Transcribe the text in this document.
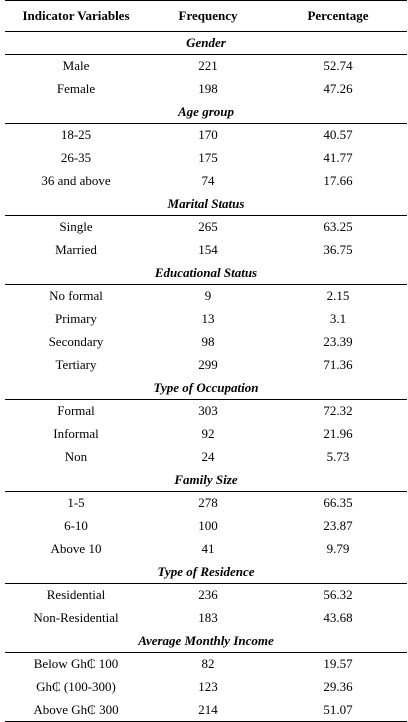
Indicator Variables	Frequency	Percentage
Gender		
Male	221	52.74
Female	198	47.26
Age group		
18-25	170	40.57
26-35	175	41.77
36 and above	74	17.66
Marital Status		
Single	265	63.25
Married	154	36.75
Educational Status		
No formal	9	2.15
Primary	13	3.1
Secondary	98	23.39
Tertiary	299	71.36
Type of Occupation		
Formal	303	72.32
Informal	92	21.96
Non	24	5.73
Family Size		
1-5	278	66.35
6-10	100	23.87
Above 10	41	9.79
Type of Residence		
Residential	236	56.32
Non-Residential	183	43.68
Average Monthly Income		
Below Gh₵ 100	82	19.57
Gh₵ (100-300)	123	29.36
Above Gh₵ 300	214	51.07
